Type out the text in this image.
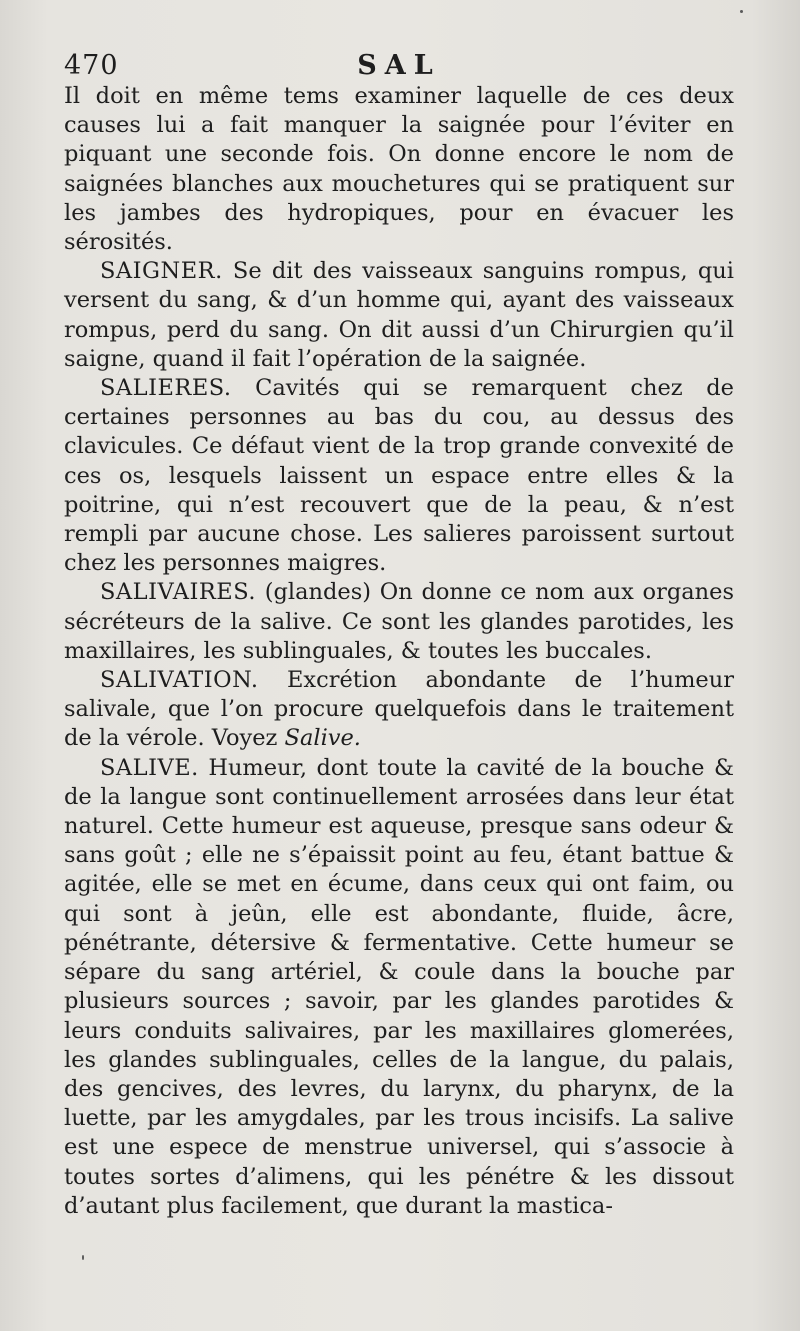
470	SAL

Il doit en même tems examiner laquelle de ces deux causes lui a fait manquer la saignée pour l’éviter en piquant une seconde fois. On donne encore le nom de saignées blanches aux mouchetures qui se pratiquent sur les jambes des hydropiques, pour en évacuer les sérosités.

SAIGNER. Se dit des vaisseaux sanguins rompus, qui versent du sang, & d’un homme qui, ayant des vaisseaux rompus, perd du sang. On dit aussi d’un Chirurgien qu’il saigne, quand il fait l’opération de la saignée.

SALIERES. Cavités qui se remarquent chez de certaines personnes au bas du cou, au dessus des clavicules. Ce défaut vient de la trop grande convexité de ces os, lesquels laissent un espace entre elles & la poitrine, qui n’est recouvert que de la peau, & n’est rempli par aucune chose. Les salieres paroissent surtout chez les personnes maigres.

SALIVAIRES. (glandes) On donne ce nom aux organes sécréteurs de la salive. Ce sont les glandes parotides, les maxillaires, les sublinguales, & toutes les buccales.

SALIVATION. Excrétion abondante de l’humeur salivale, que l’on procure quelquefois dans le traitement de la vérole. Voyez Salive.

SALIVE. Humeur, dont toute la cavité de la bouche & de la langue sont continuellement arrosées dans leur état naturel. Cette humeur est aqueuse, presque sans odeur & sans goût ; elle ne s’épaissit point au feu, étant battue & agitée, elle se met en écume, dans ceux qui ont faim, ou qui sont à jeûn, elle est abondante, fluide, âcre, pénétrante, détersive & fermentative. Cette humeur se sépare du sang artériel, & coule dans la bouche par plusieurs sources ; savoir, par les glandes parotides & leurs conduits salivaires, par les maxillaires glomerées, les glandes sublinguales, celles de la langue, du palais, des gencives, des levres, du larynx, du pharynx, de la luette, par les amygdales, par les trous incisifs. La salive est une espece de menstrue universel, qui s’associe à toutes sortes d’alimens, qui les pénétre & les dissout d’autant plus facilement, que durant la mastica-
